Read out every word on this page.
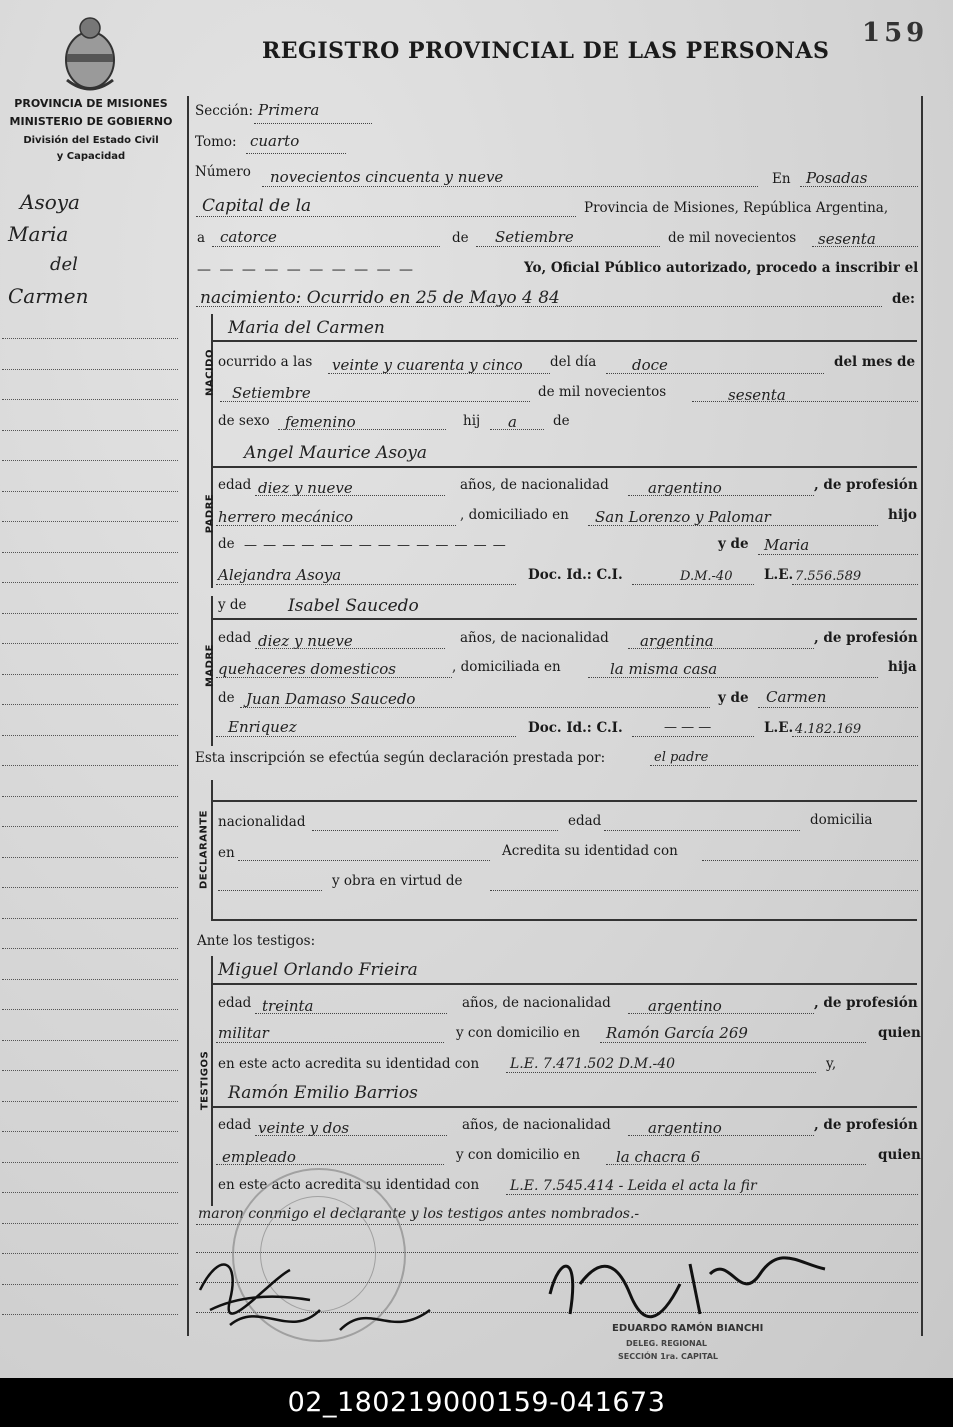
159
REGISTRO PROVINCIAL DE LAS PERSONAS
PROVINCIA DE MISIONES
MINISTERIO DE GOBIERNO
División del Estado Civil
y Capacidad
Asoya
Maria
del
Carmen
Sección: Primera
Tomo: cuarto
Número novecientos cincuenta y nueve	En Posadas
Capital de la	Provincia de Misiones, República Argentina,
a catorce	de Setiembre	de mil novecientos sesenta
— — — — — — — — — —	Yo, Oficial Público autorizado, procedo a inscribir el
nacimiento: Ocurrido en 25 de Mayo 4 84	de:
NACIDO
Maria del Carmen
ocurrido a las veinte y cuarenta y cinco del día doce	del mes de
Setiembre	de mil novecientos	sesenta
de sexo femenino	hij a	de
PADRE
Angel Maurice Asoya
edad diez y nueve	años, de nacionalidad	argentino	, de profesión
herrero mecánico	, domiciliado en San Lorenzo y Palomar	hijo
de — — — — — — — — — — — — — —	y de Maria
Alejandra Asoya	Doc. Id.: C.I.	D.M.-40 L.E. 7.556.589
y de
MADRE
Isabel Saucedo
edad diez y nueve	años, de nacionalidad argentina	, de profesión
quehaceres domesticos	, domiciliada en	la misma casa	hija
de Juan Damaso Saucedo	y de Carmen
Enriquez	Doc. Id.: C.I.	— — —	L.E. 4.182.169
Esta inscripción se efectúa según declaración prestada por:	el padre
DECLARANTE nacionalidad	edad	domicilia
en	Acredita su identidad con
y obra en virtud de
Ante los testigos:
TESTIGOS
Miguel Orlando Frieira
edad treinta	años, de nacionalidad argentino	, de profesión
militar	y con domicilio en Ramón García 269	quien
en este acto acredita su identidad con L.E. 7.471.502 D.M.-40	y,
Ramón Emilio Barrios
edad veinte y dos	años, de nacionalidad argentino	, de profesión
empleado	y con domicilio en la chacra 6	quien
en este acto acredita su identidad con L.E. 7.545.414 - Leida el acta la fir
maron conmigo el declarante y los testigos antes nombrados.-
EDUARDO RAMÓN BIANCHI
DELEG. REGIONAL
SECCIÓN 1ra. CAPITAL
02_180219000159-041673
